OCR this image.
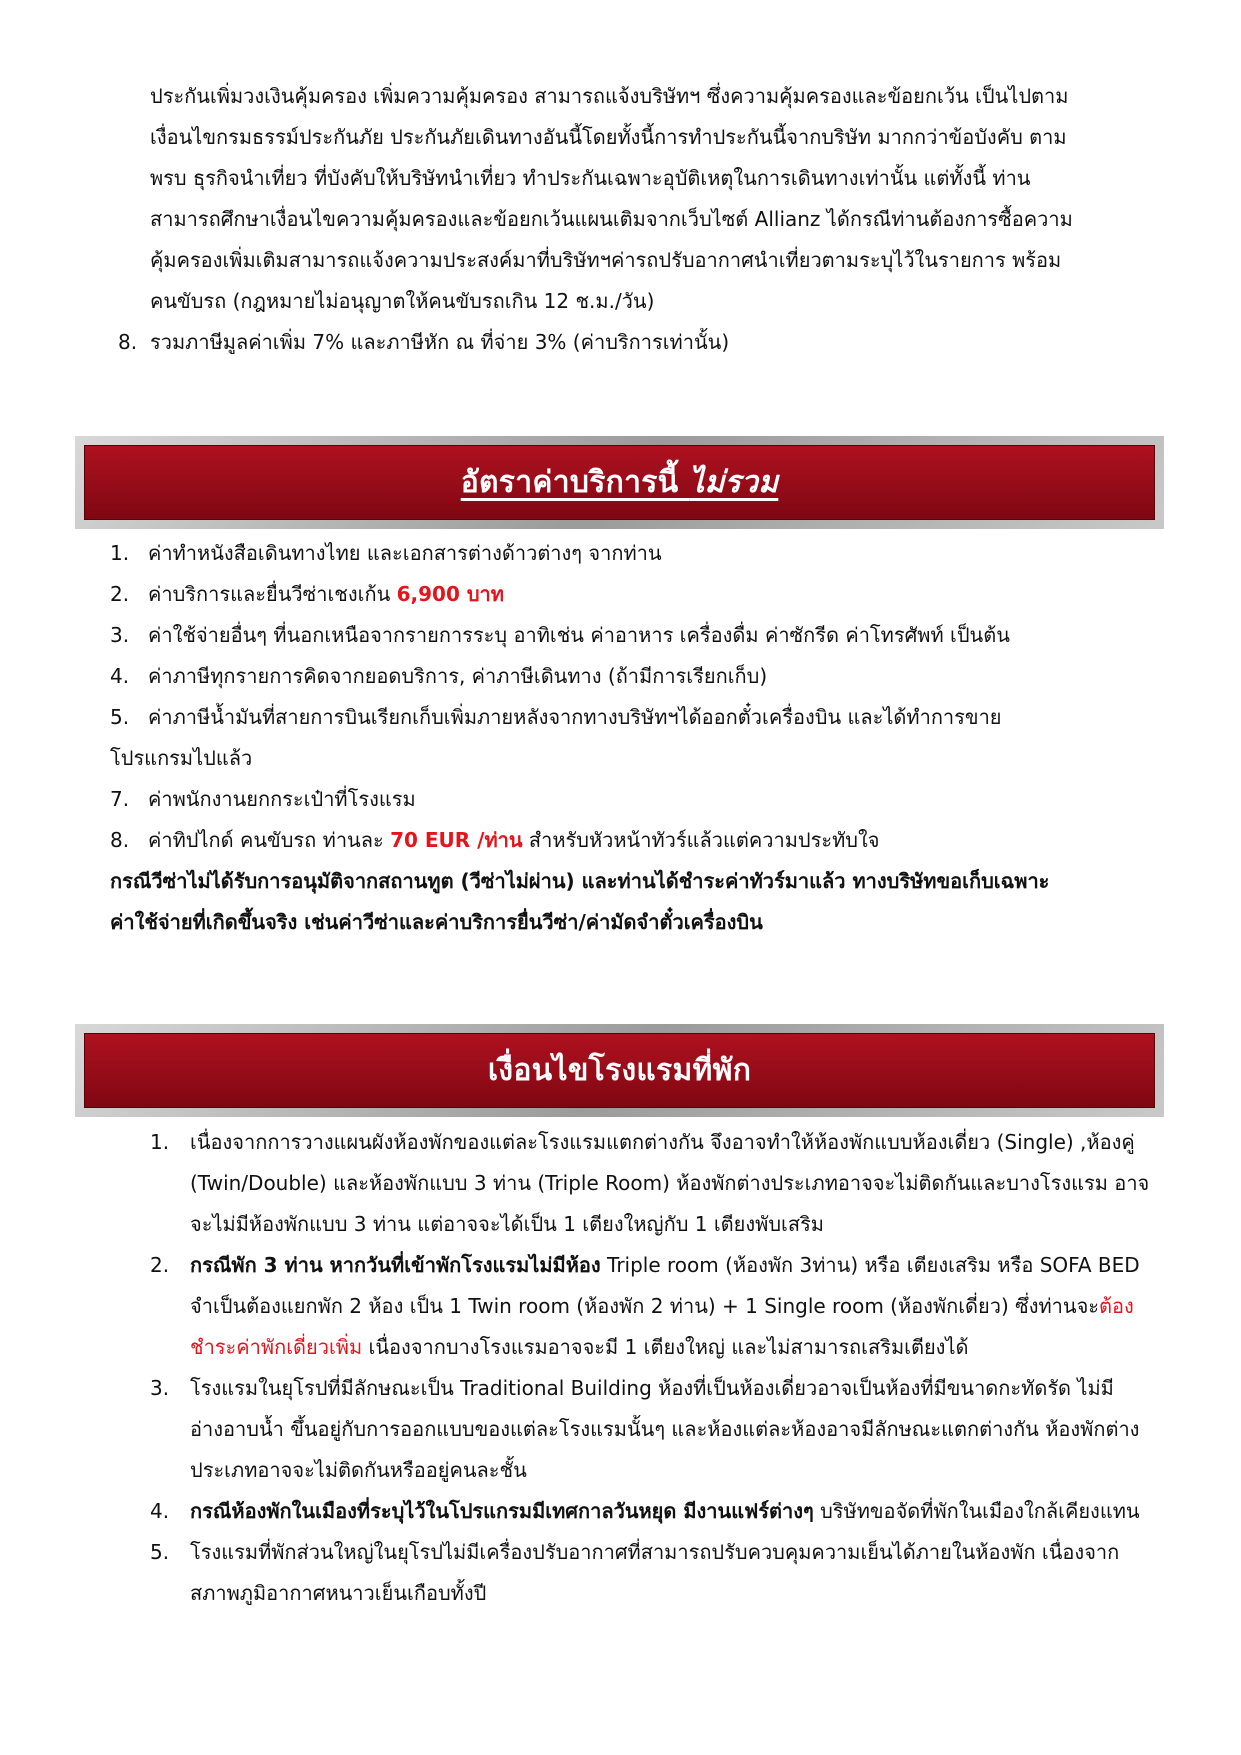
ประกันเพิ่มวงเงินคุ้มครอง เพิ่มความคุ้มครอง สามารถแจ้งบริษัทฯ ซึ่งความคุ้มครองและข้อยกเว้น เป็นไปตาม

เงื่อนไขกรมธรรม์ประกันภัย ประกันภัยเดินทางอันนี้โดยทั้งนี้การทำประกันนี้จากบริษัท มากกว่าข้อบังคับ ตาม

พรบ ธุรกิจนำเที่ยว ที่บังคับให้บริษัทนำเที่ยว ทำประกันเฉพาะอุบัติเหตุในการเดินทางเท่านั้น แต่ทั้งนี้ ท่าน

สามารถศึกษาเงื่อนไขความคุ้มครองและข้อยกเว้นแผนเติมจากเว็บไซต์ Allianz ได้กรณีท่านต้องการซื้อความ

คุ้มครองเพิ่มเติมสามารถแจ้งความประสงค์มาที่บริษัทฯค่ารถปรับอากาศนำเที่ยวตามระบุไว้ในรายการ พร้อม

คนขับรถ (กฎหมายไม่อนุญาตให้คนขับรถเกิน 12 ช.ม./วัน)

8. รวมภาษีมูลค่าเพิ่ม 7% และภาษีหัก ณ ที่จ่าย 3% (ค่าบริการเท่านั้น)
อัตราค่าบริการนี้ ไม่รวม
1. ค่าทำหนังสือเดินทางไทย และเอกสารต่างด้าวต่างๆ จากท่าน
2. ค่าบริการและยื่นวีซ่าเชงเก้น 6,900 บาท
3. ค่าใช้จ่ายอื่นๆ ที่นอกเหนือจากรายการระบุ อาทิเช่น ค่าอาหาร เครื่องดื่ม ค่าซักรีด ค่าโทรศัพท์ เป็นต้น
4. ค่าภาษีทุกรายการคิดจากยอดบริการ, ค่าภาษีเดินทาง (ถ้ามีการเรียกเก็บ)
5. ค่าภาษีน้ำมันที่สายการบินเรียกเก็บเพิ่มภายหลังจากทางบริษัทฯได้ออกตั๋วเครื่องบิน และได้ทำการขาย
โปรแกรมไปแล้ว
7. ค่าพนักงานยกกระเป๋าที่โรงแรม
8. ค่าทิปไกด์ คนขับรถ ท่านละ 70 EUR /ท่าน สำหรับหัวหน้าทัวร์แล้วแต่ความประทับใจ
กรณีวีซ่าไม่ได้รับการอนุมัติจากสถานทูต (วีซ่าไม่ผ่าน) และท่านได้ชำระค่าทัวร์มาแล้ว ทางบริษัทขอเก็บเฉพาะ
ค่าใช้จ่ายที่เกิดขึ้นจริง เช่นค่าวีซ่าและค่าบริการยื่นวีซ่า/ค่ามัดจำตั๋วเครื่องบิน
เงื่อนไขโรงแรมที่พัก
1. เนื่องจากการวางแผนผังห้องพักของแต่ละโรงแรมแตกต่างกัน จึงอาจทำให้ห้องพักแบบห้องเดี่ยว (Single) ,ห้องคู่ (Twin/Double) และห้องพักแบบ 3 ท่าน (Triple Room) ห้องพักต่างประเภทอาจจะไม่ติดกันและบางโรงแรม อาจจะไม่มีห้องพักแบบ 3 ท่าน แต่อาจจะได้เป็น 1 เตียงใหญ่กับ 1 เตียงพับเสริม
2. กรณีพัก 3 ท่าน หากวันที่เข้าพักโรงแรมไม่มีห้อง Triple room (ห้องพัก 3ท่าน) หรือ เตียงเสริม หรือ SOFA BED จำเป็นต้องแยกพัก 2 ห้อง เป็น 1 Twin room (ห้องพัก 2 ท่าน) + 1 Single room (ห้องพักเดี่ยว) ซึ่งท่านจะต้องชำระค่าพักเดี่ยวเพิ่ม เนื่องจากบางโรงแรมอาจจะมี 1 เตียงใหญ่ และไม่สามารถเสริมเตียงได้
3. โรงแรมในยุโรปที่มีลักษณะเป็น Traditional Building ห้องที่เป็นห้องเดี่ยวอาจเป็นห้องที่มีขนาดกะทัดรัด ไม่มีอ่างอาบน้ำ ขึ้นอยู่กับการออกแบบของแต่ละโรงแรมนั้นๆ และห้องแต่ละห้องอาจมีลักษณะแตกต่างกัน ห้องพักต่างประเภทอาจจะไม่ติดกันหรืออยู่คนละชั้น
4. กรณีห้องพักในเมืองที่ระบุไว้ในโปรแกรมมีเทศกาลวันหยุด มีงานแฟร์ต่างๆ บริษัทขอจัดที่พักในเมืองใกล้เคียงแทน
5. โรงแรมที่พักส่วนใหญ่ในยุโรปไม่มีเครื่องปรับอากาศที่สามารถปรับควบคุมความเย็นได้ภายในห้องพัก เนื่องจากสภาพภูมิอากาศหนาวเย็นเกือบทั้งปี
